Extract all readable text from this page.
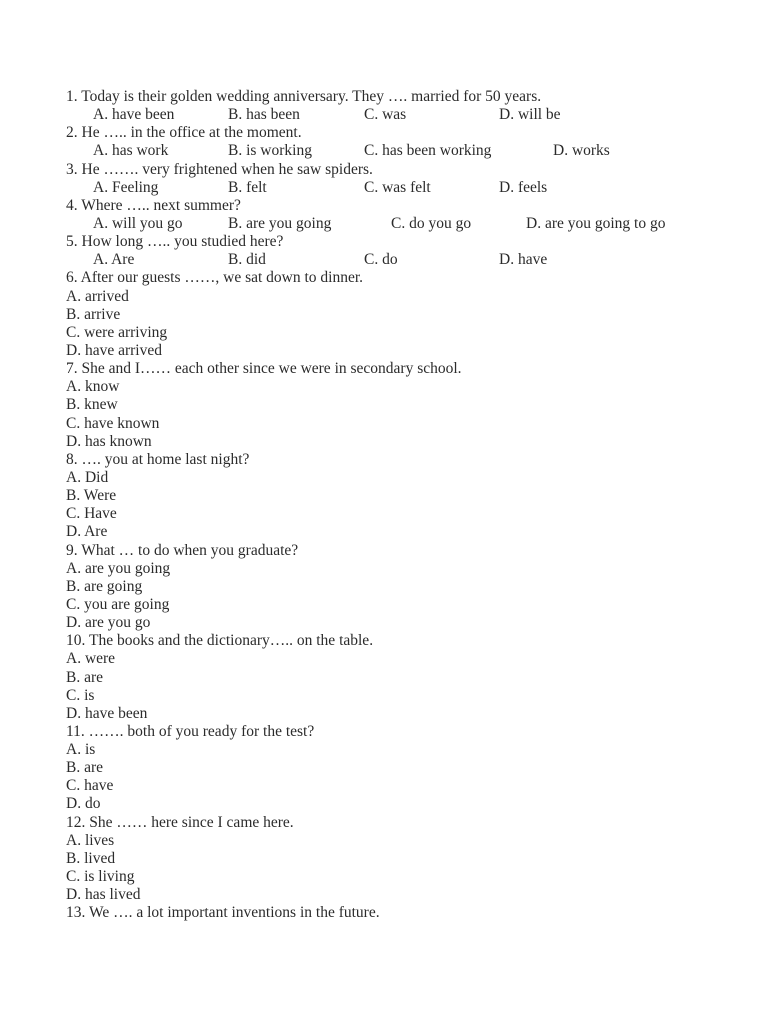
1. Today is their golden wedding anniversary. They …. married for 50 years.
A. have been	B. has been	C. was	D. will be
2. He ….. in the office at the moment.
A. has work	B. is working	C. has been working	D. works
3. He ……. very frightened when he saw spiders.
A. Feeling	B. felt	C. was felt	D. feels
4. Where ….. next summer?
A. will you go	B. are you going	C. do you go	D. are you going to go
5. How long ….. you studied here?
A. Are	B. did	C. do	D. have
6. After our guests ……, we sat down to dinner.
A. arrived
B. arrive
C. were arriving
D. have arrived
7. She and I…… each other since we were in secondary school.
A. know
B. knew
C. have known
D. has known
8. …. you at home last night?
A. Did
B. Were
C. Have
D. Are
9. What … to do when you graduate?
A. are you going
B. are going
C. you are going
D. are you go
10. The books and the dictionary….. on the table.
A. were
B. are
C. is
D. have been
11. ……. both of you ready for the test?
A. is
B. are
C. have
D. do
12. She …… here since I came here.
A. lives
B. lived
C. is living
D. has lived
13. We …. a lot important inventions in the future.
